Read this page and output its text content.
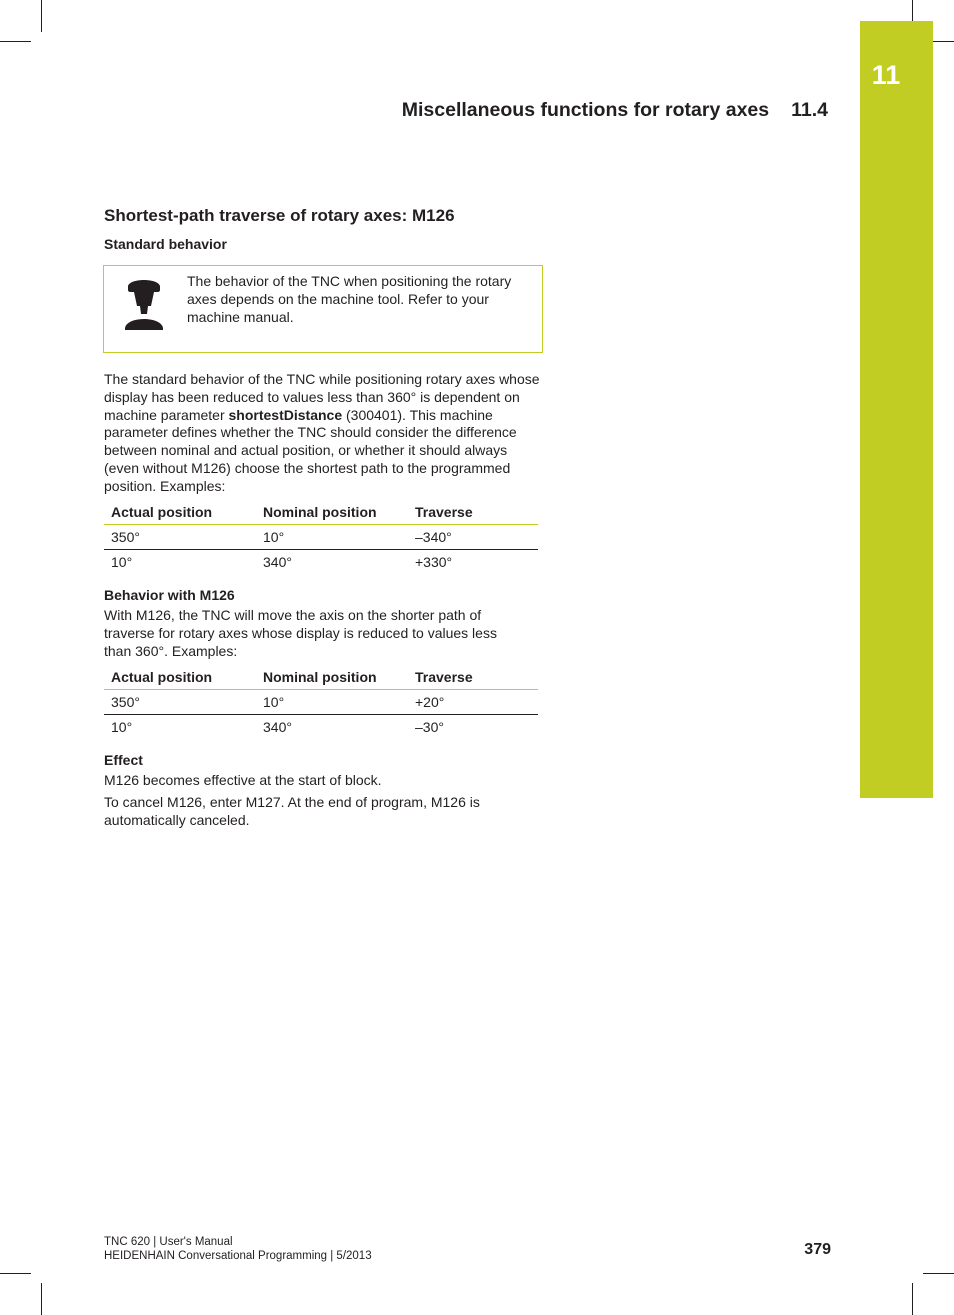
11
Miscellaneous functions for rotary axes 11.4
Shortest-path traverse of rotary axes: M126
Standard behavior
The behavior of the TNC when positioning the rotary axes depends on the machine tool. Refer to your machine manual.

The standard behavior of the TNC while positioning rotary axes whose display has been reduced to values less than 360° is dependent on machine parameter shortestDistance (300401). This machine parameter defines whether the TNC should consider the difference between nominal and actual position, or whether it should always (even without M126) choose the shortest path to the programmed position. Examples:

Actual position	Nominal position	Traverse
350°	10°	–340°
10°	340°	+330°
Behavior with M126

With M126, the TNC will move the axis on the shorter path of traverse for rotary axes whose display is reduced to values less than 360°. Examples:

Actual position	Nominal position	Traverse
350°	10°	+20°
10°	340°	–30°
Effect

M126 becomes effective at the start of block.

To cancel M126, enter M127. At the end of program, M126 is automatically canceled.

TNC 620 | User's Manual
HEIDENHAIN Conversational Programming | 5/2013	379
